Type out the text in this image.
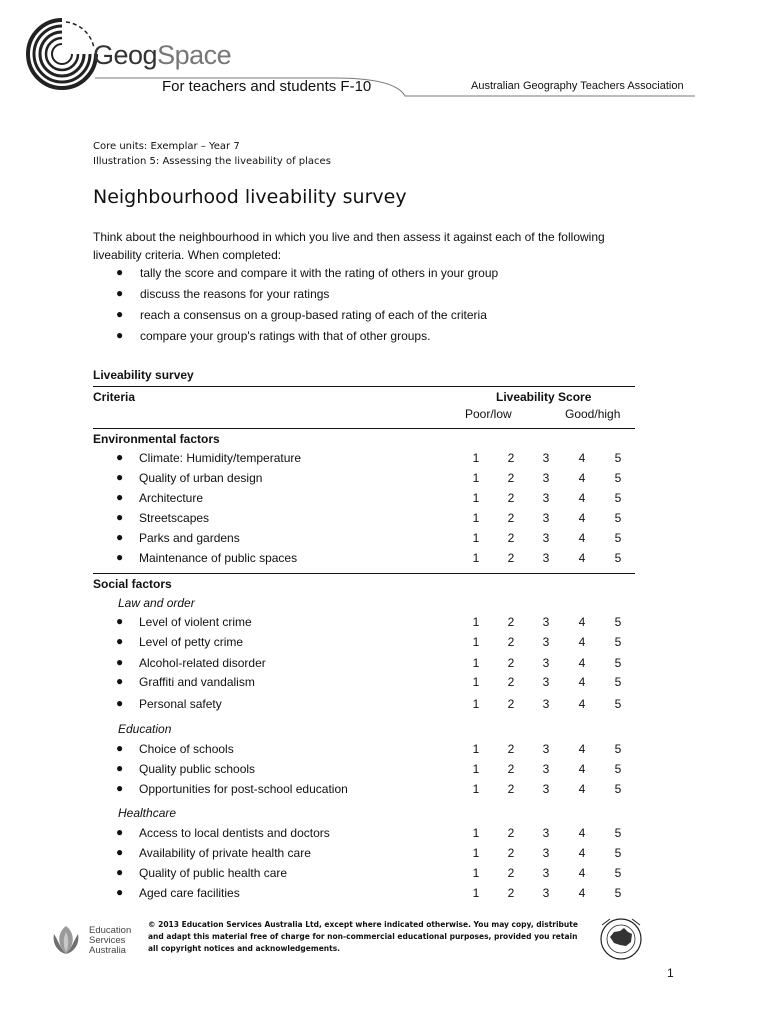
GeogSpace
For teachers and students F-10	Australian Geography Teachers Association
Core units: Exemplar – Year 7
Illustration 5: Assessing the liveability of places
Neighbourhood liveability survey
Think about the neighbourhood in which you live and then assess it against each of the following liveability criteria. When completed:
● tally the score and compare it with the rating of others in your group
● discuss the reasons for your ratings
● reach a consensus on a group-based rating of each of the criteria
● compare your group's ratings with that of other groups.
Liveability survey
Criteria	Liveability Score
Poor/low	Good/high
Environmental factors
● Climate: Humidity/temperature	1	2	3	4	5
● Quality of urban design	1	2	3	4	5
● Architecture	1	2	3	4	5
● Streetscapes	1	2	3	4	5
● Parks and gardens	1	2	3	4	5
● Maintenance of public spaces	1	2	3	4	5
Social factors
Law and order
● Level of violent crime	1	2	3	4	5
● Level of petty crime	1	2	3	4	5
● Alcohol-related disorder	1	2	3	4	5
● Graffiti and vandalism	1	2	3	4	5
● Personal safety	1	2	3	4	5
Education
● Choice of schools	1	2	3	4	5
● Quality public schools	1	2	3	4	5
● Opportunities for post-school education	1	2	3	4	5
Healthcare
● Access to local dentists and doctors	1	2	3	4	5
● Availability of private health care	1	2	3	4	5
● Quality of public health care	1	2	3	4	5
● Aged care facilities	1	2	3	4	5
Education
Services
Australia
© 2013 Education Services Australia Ltd, except where indicated otherwise. You may copy, distribute and adapt this material free of charge for non-commercial educational purposes, provided you retain all copyright notices and acknowledgements.
1
